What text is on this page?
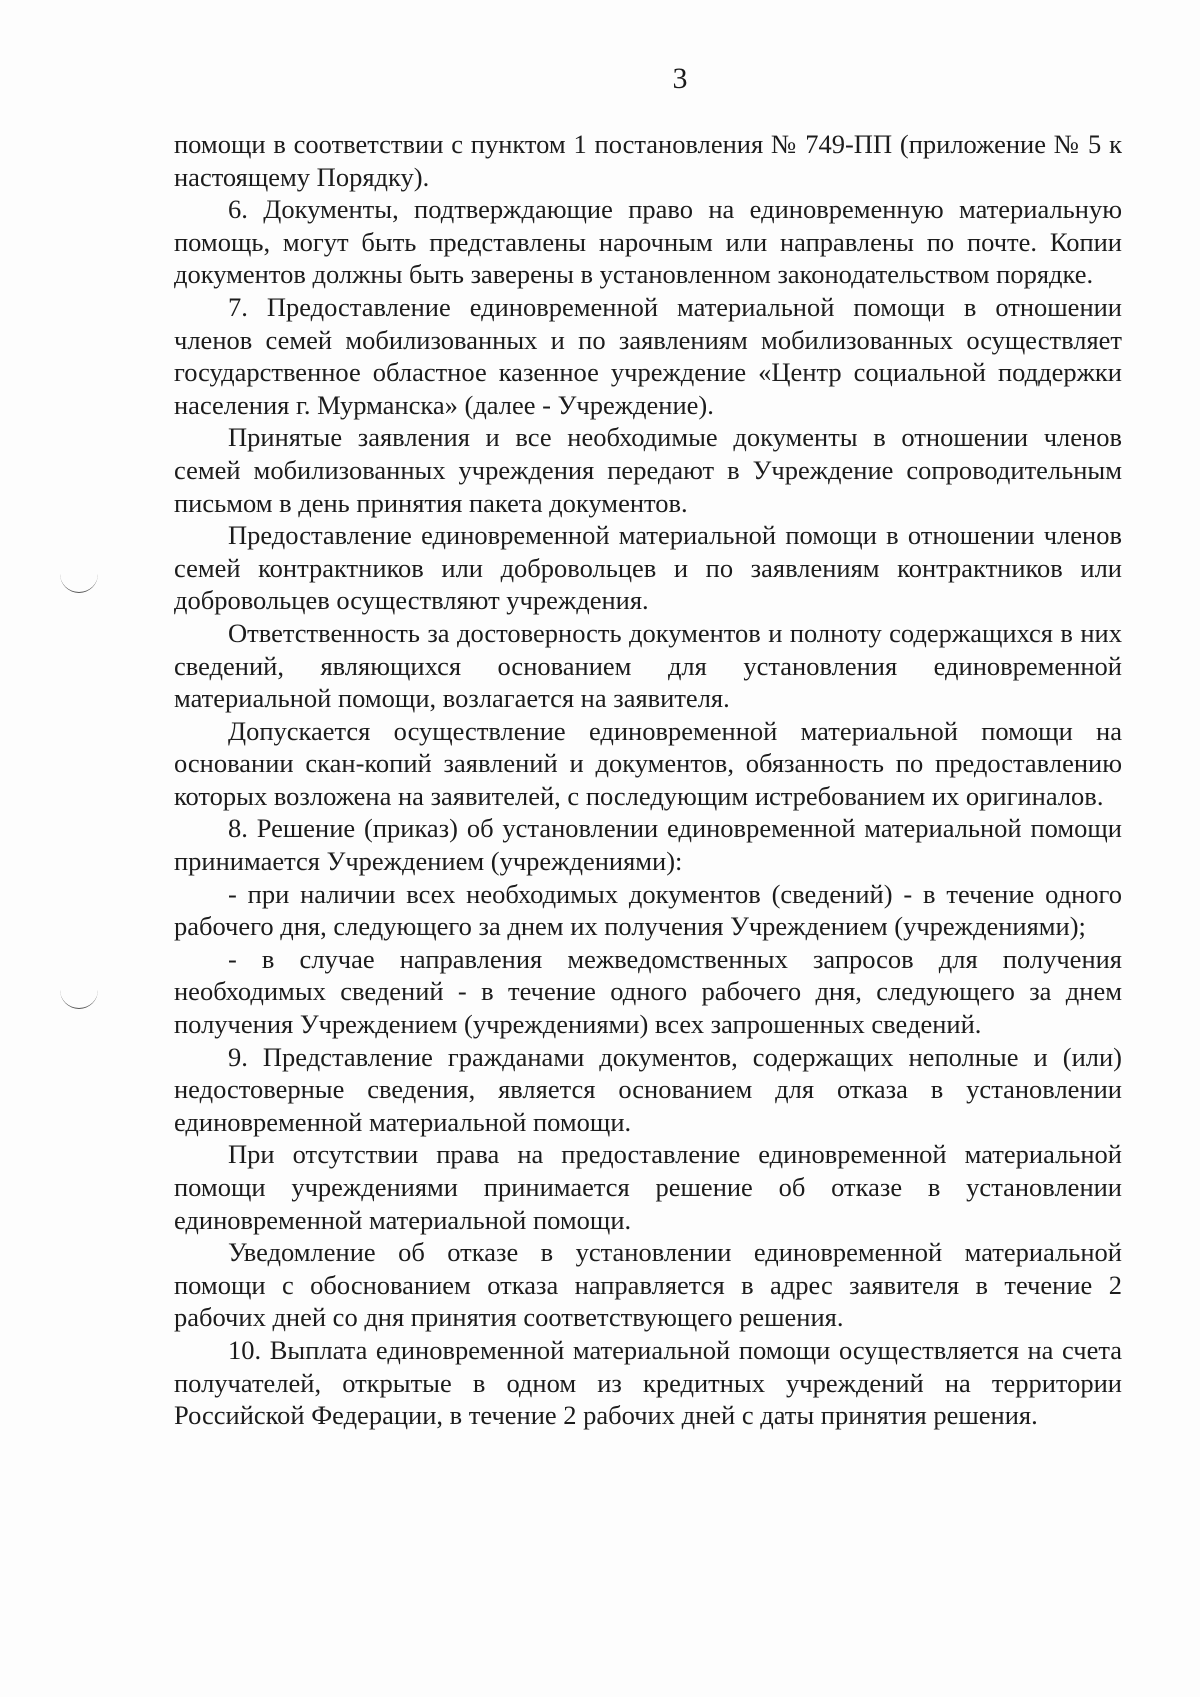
3

помощи в соответствии с пунктом 1 постановления № 749-ПП (приложение № 5 к настоящему Порядку).

6. Документы, подтверждающие право на единовременную материальную помощь, могут быть представлены нарочным или направлены по почте. Копии документов должны быть заверены в установленном законодательством порядке.

7. Предоставление единовременной материальной помощи в отношении членов семей мобилизованных и по заявлениям мобилизованных осуществляет государственное областное казенное учреждение «Центр социальной поддержки населения г. Мурманска» (далее - Учреждение).

Принятые заявления и все необходимые документы в отношении членов семей мобилизованных учреждения передают в Учреждение сопроводительным письмом в день принятия пакета документов.

Предоставление единовременной материальной помощи в отношении членов семей контрактников или добровольцев и по заявлениям контрактников или добровольцев осуществляют учреждения.

Ответственность за достоверность документов и полноту содержащихся в них сведений, являющихся основанием для установления единовременной материальной помощи, возлагается на заявителя.

Допускается осуществление единовременной материальной помощи на основании скан-копий заявлений и документов, обязанность по предоставлению которых возложена на заявителей, с последующим истребованием их оригиналов.

8. Решение (приказ) об установлении единовременной материальной помощи принимается Учреждением (учреждениями):

- при наличии всех необходимых документов (сведений) - в течение одного рабочего дня, следующего за днем их получения Учреждением (учреждениями);

- в случае направления межведомственных запросов для получения необходимых сведений - в течение одного рабочего дня, следующего за днем получения Учреждением (учреждениями) всех запрошенных сведений.

9. Представление гражданами документов, содержащих неполные и (или) недостоверные сведения, является основанием для отказа в установлении единовременной материальной помощи.

При отсутствии права на предоставление единовременной материальной помощи учреждениями принимается решение об отказе в установлении единовременной материальной помощи.

Уведомление об отказе в установлении единовременной материальной помощи с обоснованием отказа направляется в адрес заявителя в течение 2 рабочих дней со дня принятия соответствующего решения.

10. Выплата единовременной материальной помощи осуществляется на счета получателей, открытые в одном из кредитных учреждений на территории Российской Федерации, в течение 2 рабочих дней с даты принятия решения.
